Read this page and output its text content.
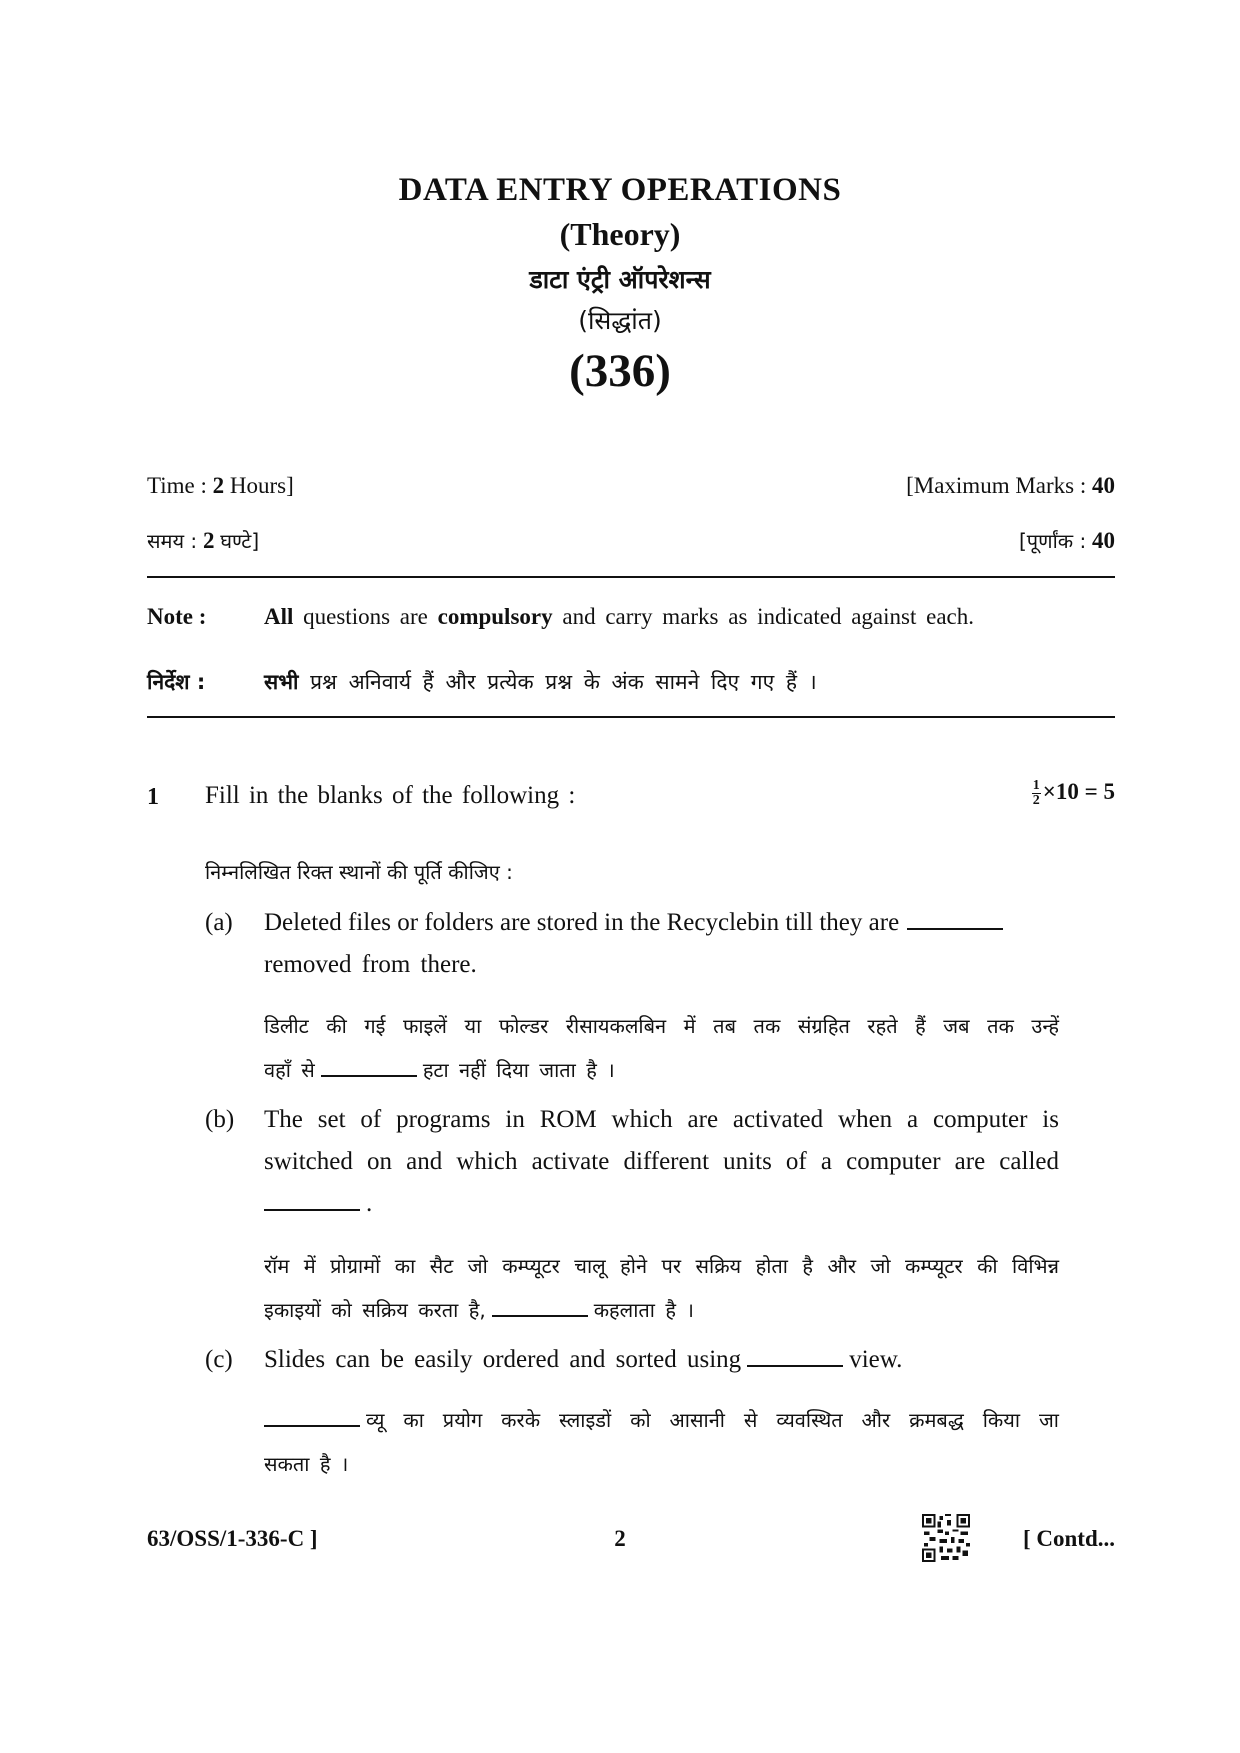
DATA ENTRY OPERATIONS
(Theory)
डाटा एंट्री ऑपरेशन्स
(सिद्धांत)
(336)
Time : 2 Hours]	[Maximum Marks : 40
समय : 2 घण्टे]	[पूर्णांक : 40
Note :	All questions are compulsory and carry marks as indicated against each.
निर्देश :	सभी प्रश्न अनिवार्य हैं और प्रत्येक प्रश्न के अंक सामने दिए गए हैं ।
1 Fill in the blanks of the following :	$\frac{1}{2} \times 10 = 5$
निम्नलिखित रिक्त स्थानों की पूर्ति कीजिए :
(a) Deleted files or folders are stored in the Recyclebin till they are
removed from there.
डिलीट की गई फाइलें या फोल्डर रीसायकलबिन में तब तक संग्रहित रहते हैं जब तक उन्हें
वहाँ से	हटा नहीं दिया जाता है ।
(b) The set of programs in ROM which are activated when a computer is
switched on and which activate different units of a computer are called
.
रॉम में प्रोग्रामों का सैट जो कम्प्यूटर चालू होने पर सक्रिय होता है और जो कम्प्यूटर की विभिन्न
इकाइयों को सक्रिय करता है,	कहलाता है ।
(c) Slides can be easily ordered and sorted using	view.
व्यू का प्रयोग करके स्लाइडों को आसानी से व्यवस्थित और क्रमबद्ध किया जा
सकता है ।
63/OSS/1-336-C ]	2	[ Contd...
